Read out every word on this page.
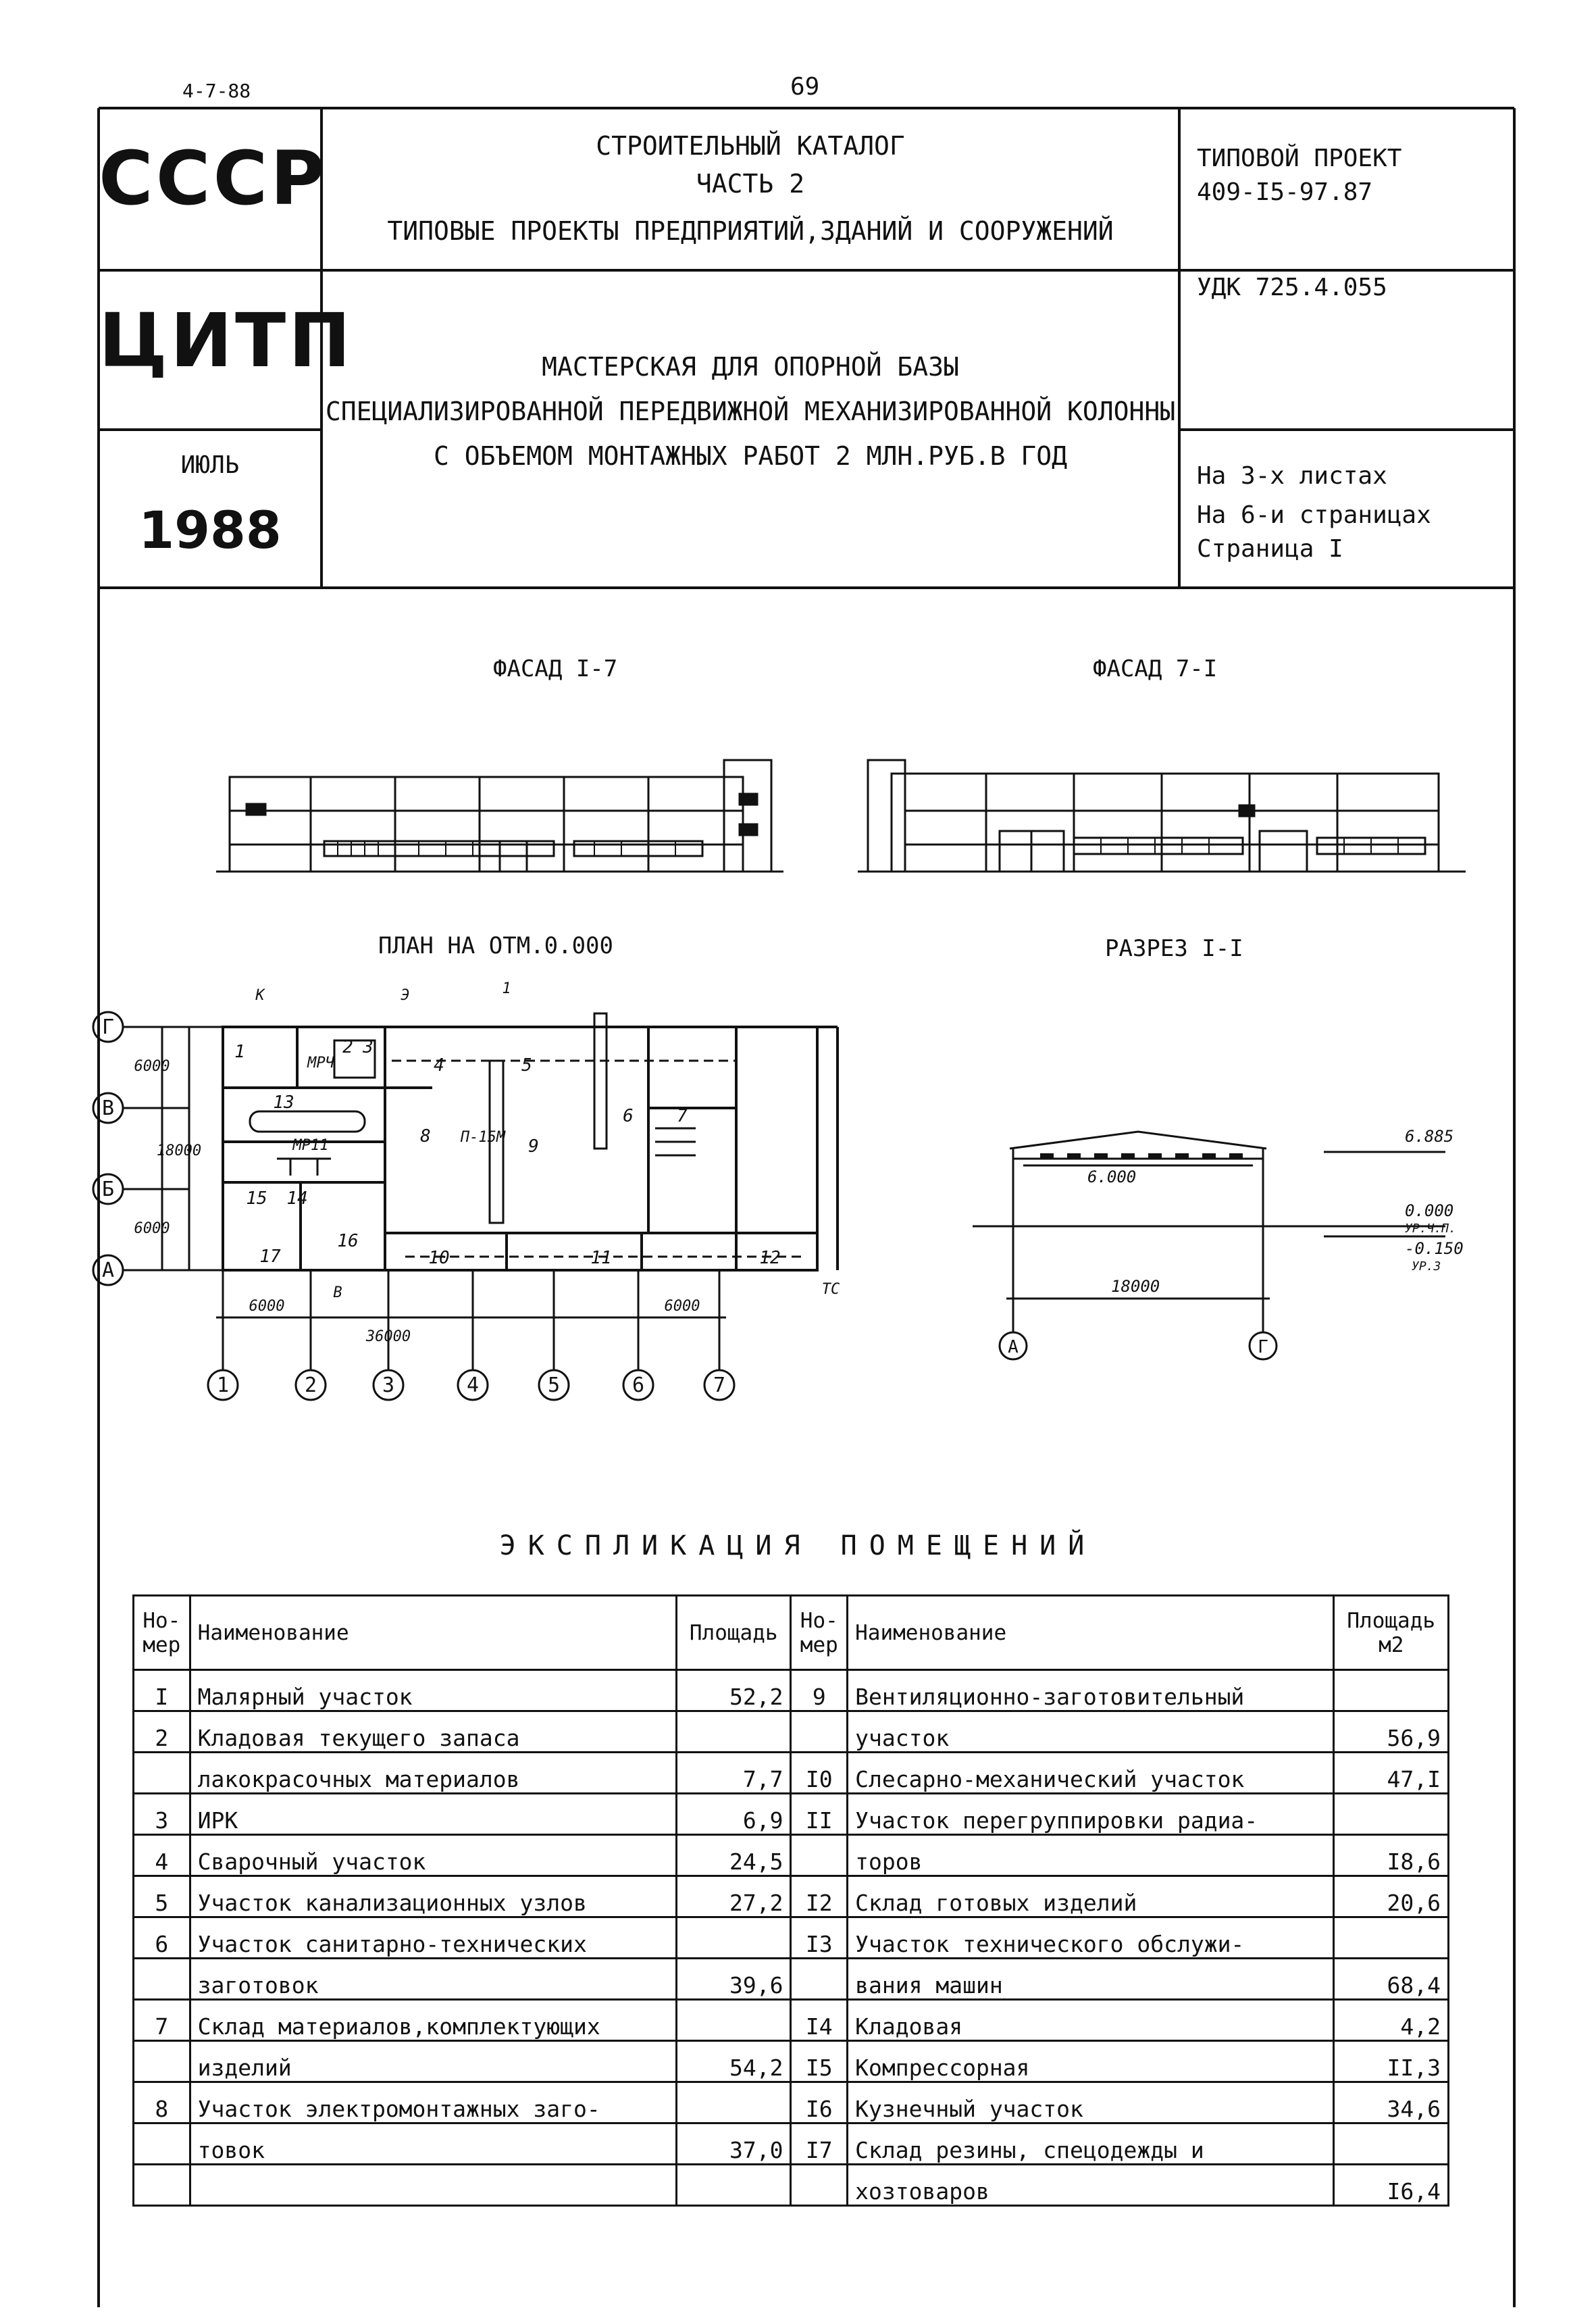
4-7-88	69
СССР
ЦИТП
ИЮЛЬ
1988
СТРОИТЕЛЬНЫЙ КАТАЛОГ
ЧАСТЬ 2
ТИПОВЫЕ ПРОЕКТЫ ПРЕДПРИЯТИЙ,ЗДАНИЙ И СООРУЖЕНИЙ
МАСТЕРСКАЯ ДЛЯ ОПОРНОЙ БАЗЫ
СПЕЦИАЛИЗИРОВАННОЙ ПЕРЕДВИЖНОЙ МЕХАНИЗИРОВАННОЙ КОЛОННЫ
С ОБЪЕМОМ МОНТАЖНЫХ РАБОТ 2 МЛН.РУБ.В ГОД
ТИПОВОЙ ПРОЕКТ
409-I5-97.87
УДК 725.4.055
На 3-х листах
На 6-и страницах
Страница I
ФАСАД I-7	ФАСАД 7-I
ПЛАН НА ОТМ.0.000	РАЗРЕЗ I-I
1	2	3	4	5	6	7
Г
В
Б
А
1	2 3
4	5
6 7
8	9
10	11	12
13
14
15
16
17
6000	6000
36000
6000
18000
6000
МРЧ
МР11	П-15М
К	Э
В	ТС
1
6.885
6.000
0.000
УР.Ч.П.
-0.150
УР.З
18000
А	Г
ЭКСПЛИКАЦИЯ ПОМЕЩЕНИЙ
Но-мер	Наименование	Площадь	Но-мер	Наименование	Площадь м2
I	Малярный участок	52,2	9	Вентиляционно-заготовительный	
2	Кладовая текущего запаса			участок	56,9
	лакокрасочных материалов	7,7	I0	Слесарно-механический участок	47,I
3	ИРК	6,9	II	Участок перегруппировки радиа-	
4	Сварочный участок	24,5		торов	I8,6
5	Участок канализационных узлов	27,2	I2	Склад готовых изделий	20,6
6	Участок санитарно-технических		I3	Участок технического обслужи-	
	заготовок	39,6		вания машин	68,4
7	Склад материалов,комплектующих		I4	Кладовая	4,2
	изделий	54,2	I5	Компрессорная	II,3
8	Участок электромонтажных заго-		I6	Кузнечный участок	34,6
	товок	37,0	I7	Склад резины, спецодежды и	
				хозтоваров	I6,4
